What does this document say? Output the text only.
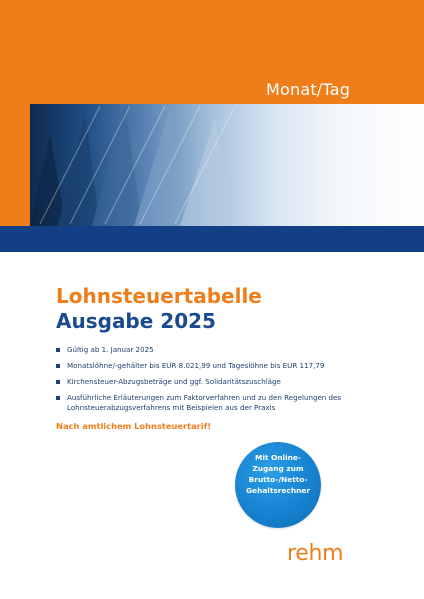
Monat/Tag
Lohnsteuertabelle
Ausgabe 2025
Gültig ab 1. Januar 2025
Monatslöhne/-gehälter bis EUR 8.021,99 und Tageslöhne bis EUR 117,79
Kirchensteuer-Abzugsbeträge und ggf. Solidaritätszuschläge
Ausführliche Erläuterungen zum Faktorverfahren und zu den Regelungen des Lohnsteuerabzugsverfahrens mit Beispielen aus der Praxis
Nach amtlichem Lohnsteuertarif!
Mit Online-
Zugang zum
Brutto-/Netto-
Gehaltsrechner
rehm
